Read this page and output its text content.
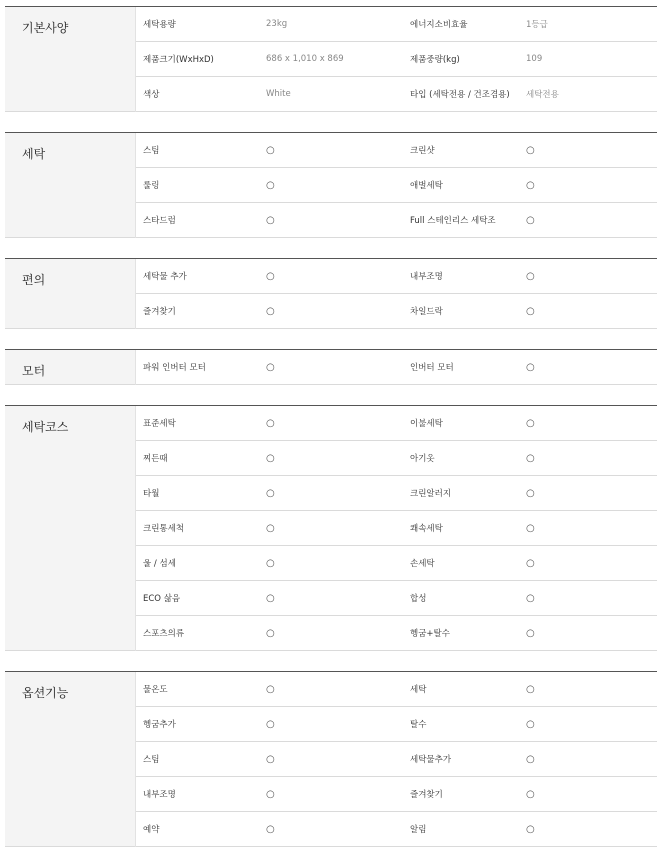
기본사양	세탁용량	23kg	에너지소비효율	1등급
제품크기(WxHxD)	686 x 1,010 x 869	제품중량(kg)	109
색상	White	타입 (세탁전용 / 건조겸용)	세탁전용
세탁	스팀	○	크린샷	○
룰링	○	애벌세탁	○
스타드럼	○	Full 스테인리스 세탁조	○
편의	세탁물 추가	○	내부조명	○
즐겨찾기	○	차일드락	○
모터	파워 인버터 모터	○	인버터 모터	○
세탁코스	표준세탁	○	이불세탁	○
찌든때	○	아기옷	○
타월	○	크린알러지	○
크린통세척	○	쾌속세탁	○
울 / 섬세	○	손세탁	○
ECO 삶음	○	합성	○
스포츠의류	○	헹굼+탈수	○
옵션기능	물온도	○	세탁	○
헹굼추가	○	탈수	○
스팀	○	세탁물추가	○
내부조명	○	즐겨찾기	○
예약	○	알림	○
